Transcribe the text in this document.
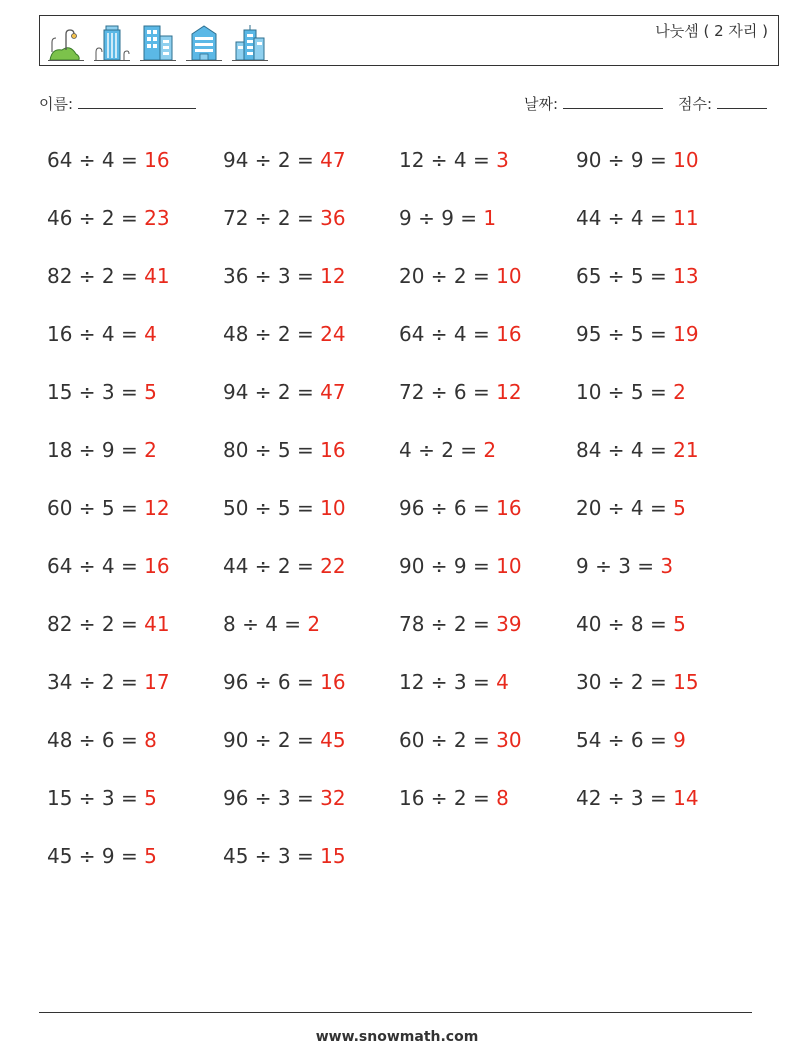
나눗셈 ( 2 자리 )
이름:	날짜:	점수:
64 ÷ 4 = 16	94 ÷ 2 = 47	12 ÷ 4 = 3	90 ÷ 9 = 10
46 ÷ 2 = 23	72 ÷ 2 = 36	9 ÷ 9 = 1	44 ÷ 4 = 11
82 ÷ 2 = 41	36 ÷ 3 = 12	20 ÷ 2 = 10	65 ÷ 5 = 13
16 ÷ 4 = 4	48 ÷ 2 = 24	64 ÷ 4 = 16	95 ÷ 5 = 19
15 ÷ 3 = 5	94 ÷ 2 = 47	72 ÷ 6 = 12	10 ÷ 5 = 2
18 ÷ 9 = 2	80 ÷ 5 = 16	4 ÷ 2 = 2	84 ÷ 4 = 21
60 ÷ 5 = 12	50 ÷ 5 = 10	96 ÷ 6 = 16	20 ÷ 4 = 5
64 ÷ 4 = 16	44 ÷ 2 = 22	90 ÷ 9 = 10	9 ÷ 3 = 3
82 ÷ 2 = 41	8 ÷ 4 = 2	78 ÷ 2 = 39	40 ÷ 8 = 5
34 ÷ 2 = 17	96 ÷ 6 = 16	12 ÷ 3 = 4	30 ÷ 2 = 15
48 ÷ 6 = 8	90 ÷ 2 = 45	60 ÷ 2 = 30	54 ÷ 6 = 9
15 ÷ 3 = 5	96 ÷ 3 = 32	16 ÷ 2 = 8	42 ÷ 3 = 14
45 ÷ 9 = 5	45 ÷ 3 = 15
www.snowmath.com
